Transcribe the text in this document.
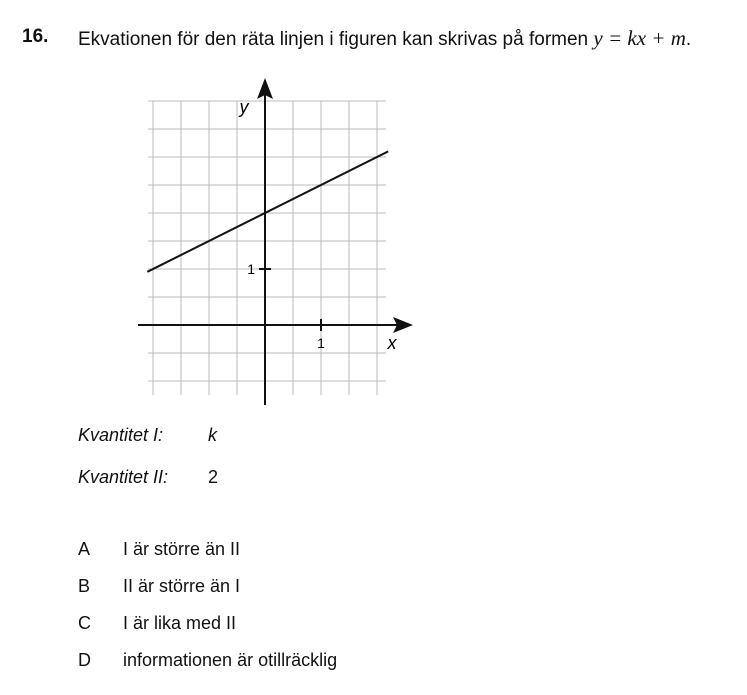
16. Ekvationen för den räta linjen i figuren kan skrivas på formen y = kx + m.
1
1
x
y
Kvantitet I: k
Kvantitet II: 2
A I är större än II
B II är större än I
C I är lika med II
D informationen är otillräcklig
